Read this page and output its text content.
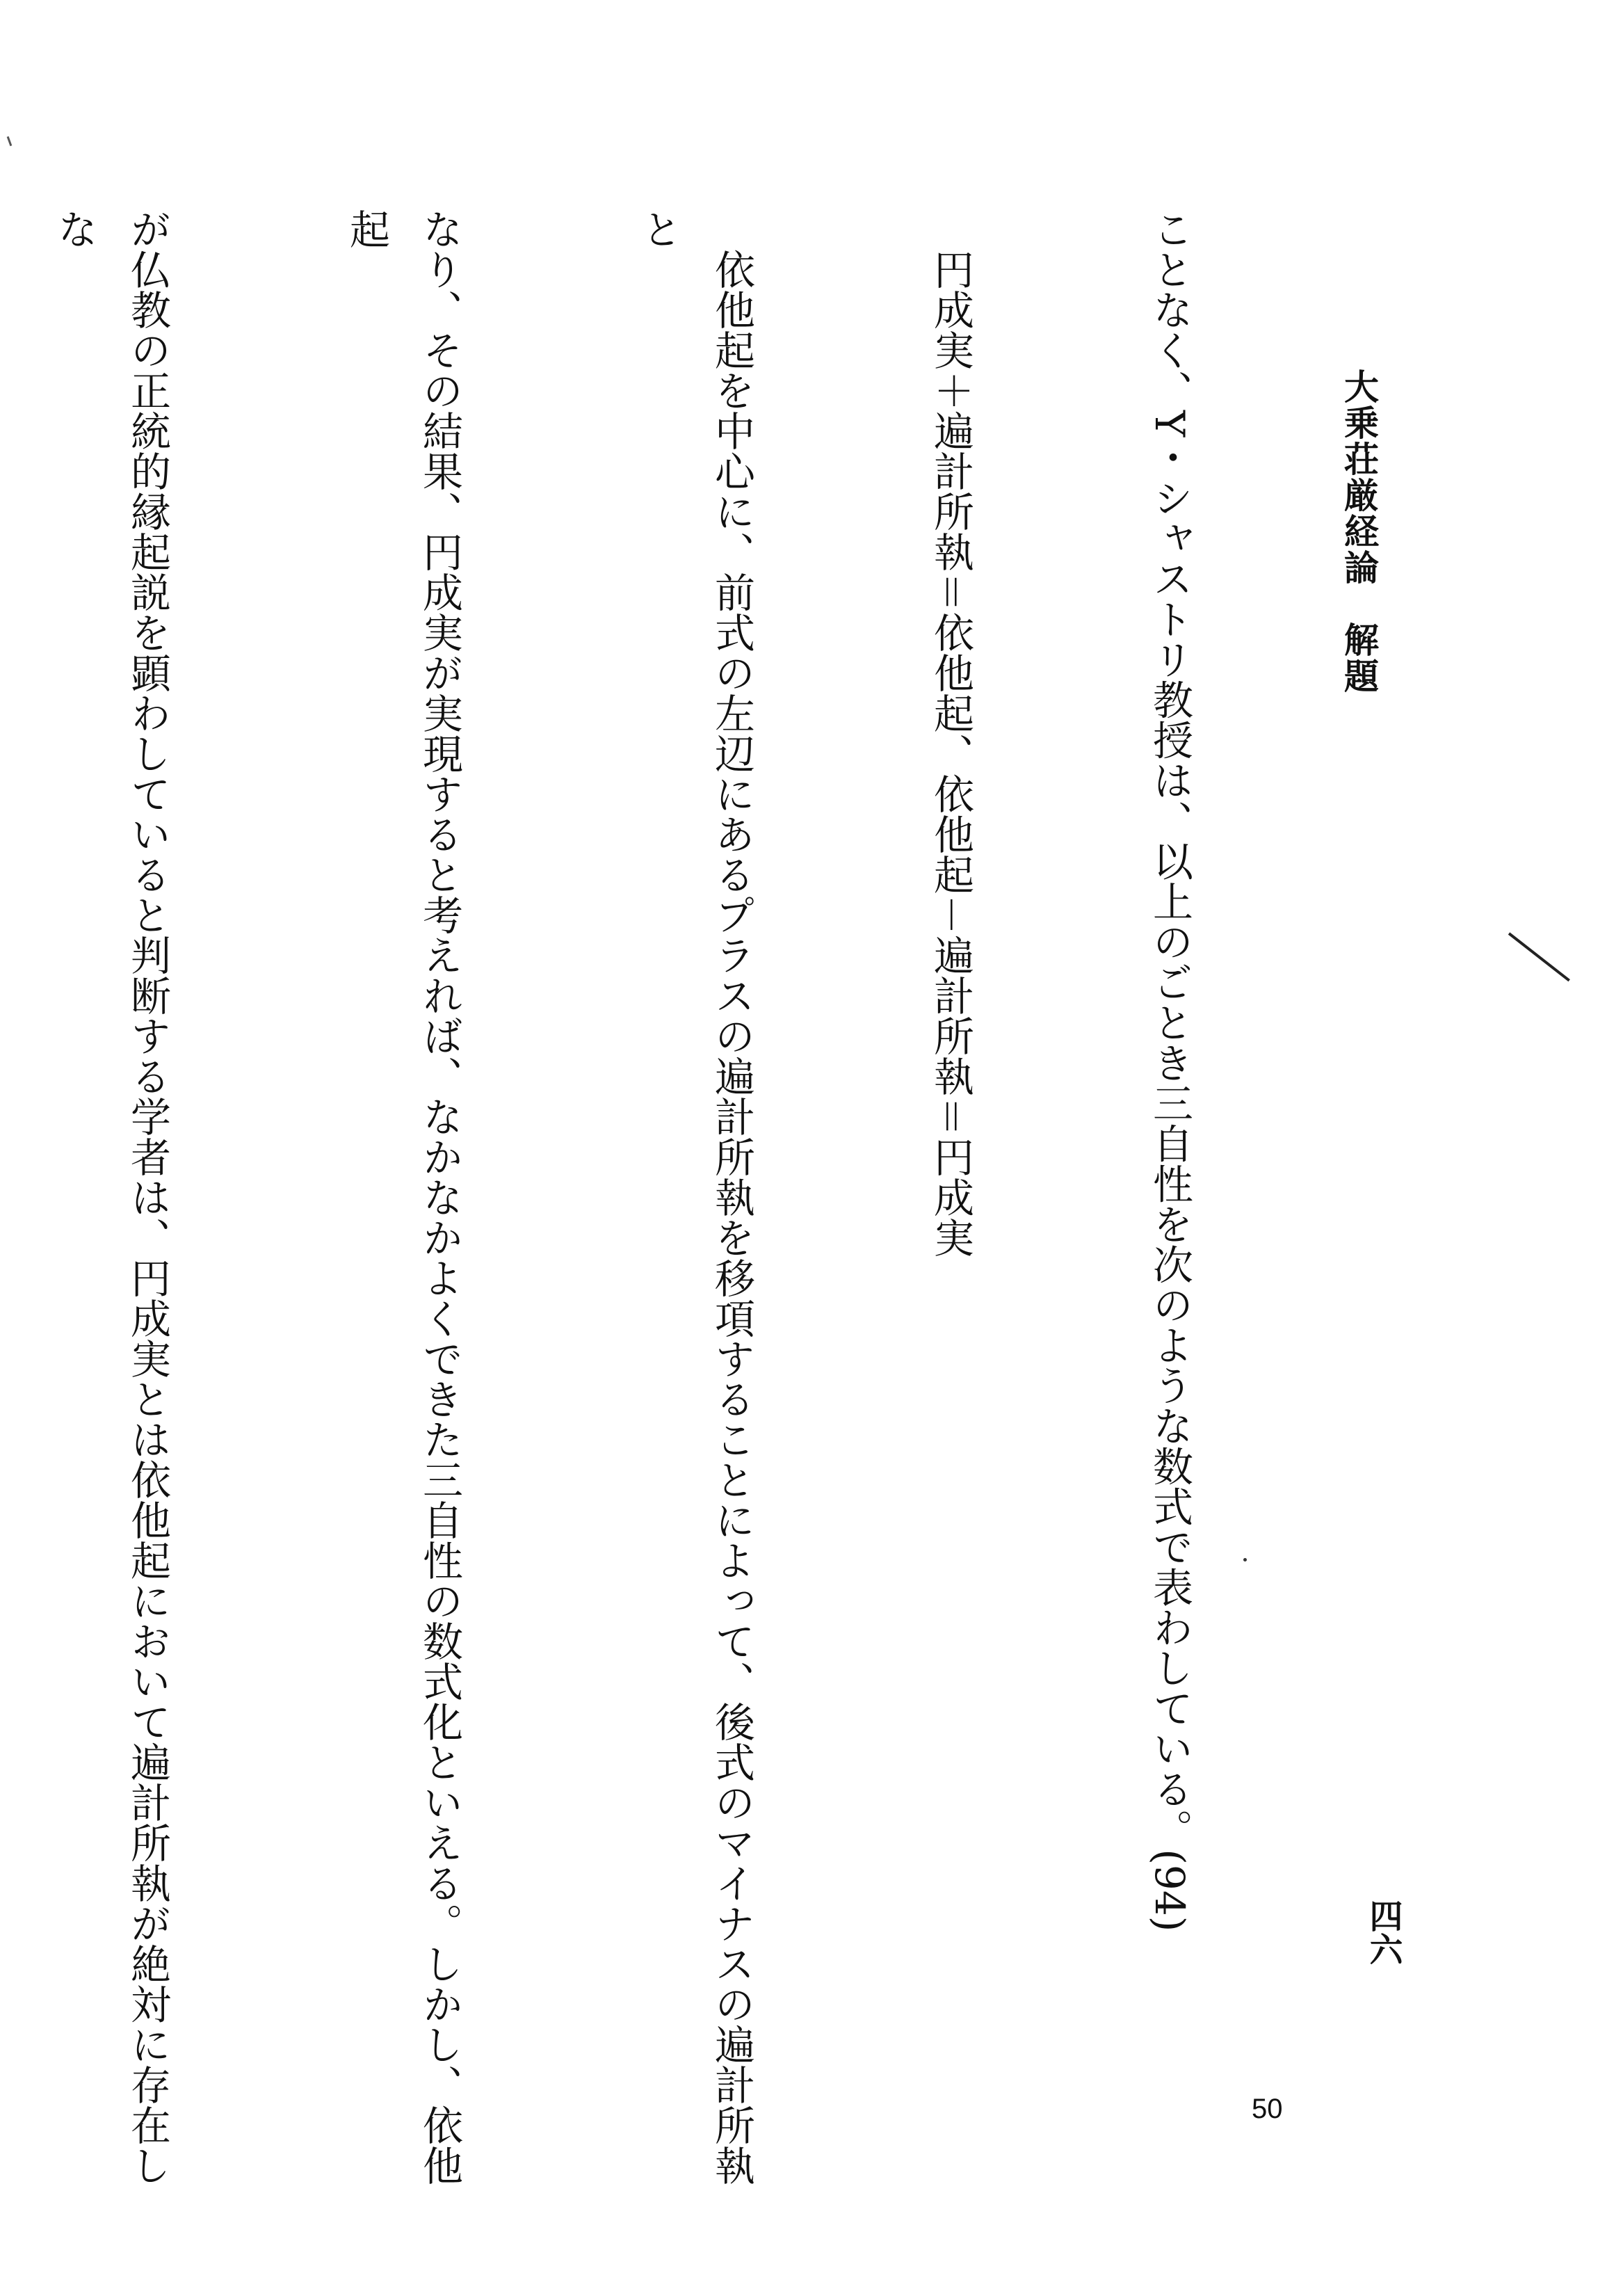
大乗荘厳経論　解題

ことなく、Y・シャストリ教授は、以上のごとき三自性を次のような数式で表わしている。(94)

　円成実＋遍計所執＝依他起、依他起－遍計所執＝円成実

　依他起を中心に、前式の左辺にあるプラスの遍計所執を移項することによって、後式のマイナスの遍計所執と

なり、その結果、円成実が実現すると考えれば、なかなかよくできた三自性の数式化といえる。しかし、依他起

が仏教の正統的縁起説を顕わしていると判断する学者は、円成実とは依他起において遍計所執が絶対に存在しな

四六
50
